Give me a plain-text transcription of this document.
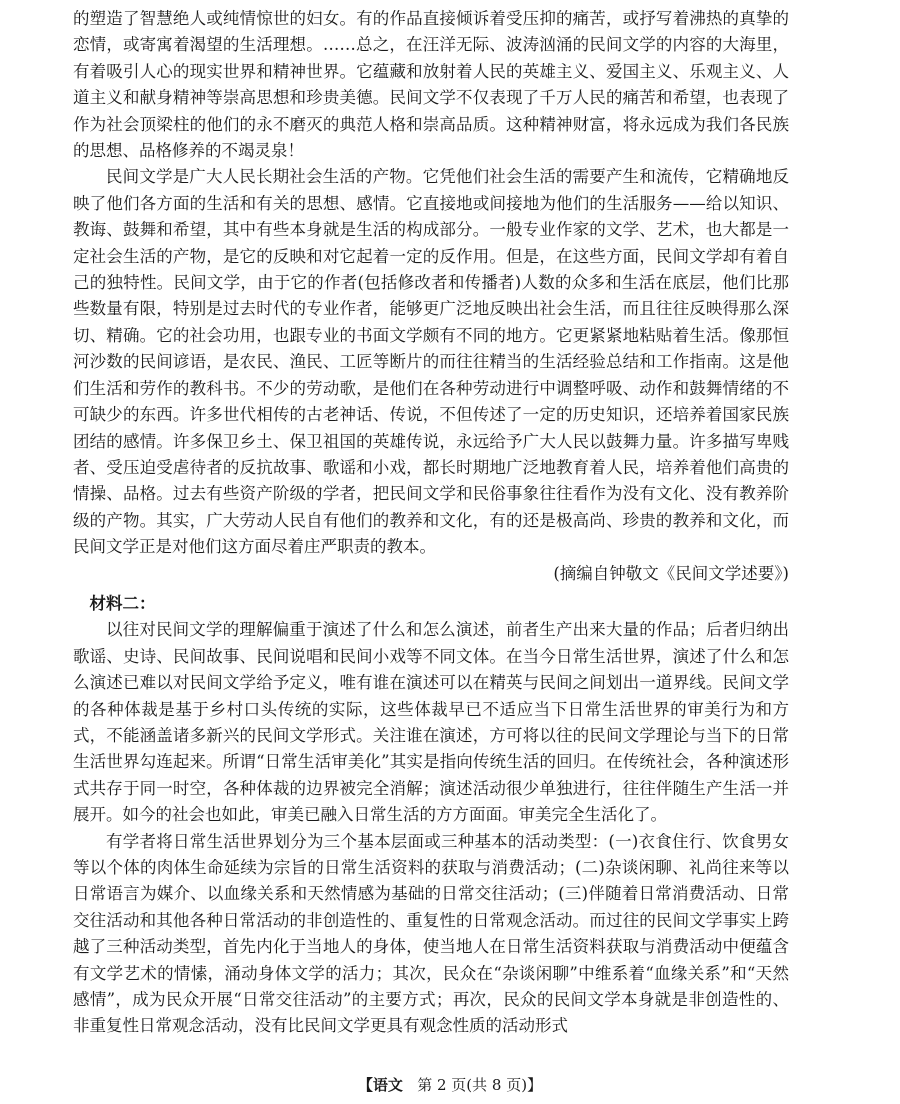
的塑造了智慧绝人或纯情惊世的妇女。有的作品直接倾诉着受压抑的痛苦，或抒写着沸热的真挚的恋情，或寄寓着渴望的生活理想。……总之，在汪洋无际、波涛汹涌的民间文学的内容的大海里，有着吸引人心的现实世界和精神世界。它蕴藏和放射着人民的英雄主义、爱国主义、乐观主义、人道主义和献身精神等崇高思想和珍贵美德。民间文学不仅表现了千万人民的痛苦和希望，也表现了作为社会顶梁柱的他们的永不磨灭的典范人格和崇高品质。这种精神财富，将永远成为我们各民族的思想、品格修养的不竭灵泉！

民间文学是广大人民长期社会生活的产物。它凭他们社会生活的需要产生和流传，它精确地反映了他们各方面的生活和有关的思想、感情。它直接地或间接地为他们的生活服务——给以知识、教诲、鼓舞和希望，其中有些本身就是生活的构成部分。一般专业作家的文学、艺术，也大都是一定社会生活的产物，是它的反映和对它起着一定的反作用。但是，在这些方面，民间文学却有着自己的独特性。民间文学，由于它的作者(包括修改者和传播者)人数的众多和生活在底层，他们比那些数量有限，特别是过去时代的专业作者，能够更广泛地反映出社会生活，而且往往反映得那么深切、精确。它的社会功用，也跟专业的书面文学颇有不同的地方。它更紧紧地粘贴着生活。像那恒河沙数的民间谚语，是农民、渔民、工匠等断片的而往往精当的生活经验总结和工作指南。这是他们生活和劳作的教科书。不少的劳动歌，是他们在各种劳动进行中调整呼吸、动作和鼓舞情绪的不可缺少的东西。许多世代相传的古老神话、传说，不但传述了一定的历史知识，还培养着国家民族团结的感情。许多保卫乡土、保卫祖国的英雄传说，永远给予广大人民以鼓舞力量。许多描写卑贱者、受压迫受虐待者的反抗故事、歌谣和小戏，都长时期地广泛地教育着人民，培养着他们高贵的情操、品格。过去有些资产阶级的学者，把民间文学和民俗事象往往看作为没有文化、没有教养阶级的产物。其实，广大劳动人民自有他们的教养和文化，有的还是极高尚、珍贵的教养和文化，而民间文学正是对他们这方面尽着庄严职责的教本。

(摘编自钟敬文《民间文学述要》)

材料二：

以往对民间文学的理解偏重于演述了什么和怎么演述，前者生产出来大量的作品；后者归纳出歌谣、史诗、民间故事、民间说唱和民间小戏等不同文体。在当今日常生活世界，演述了什么和怎么演述已难以对民间文学给予定义，唯有谁在演述可以在精英与民间之间划出一道界线。民间文学的各种体裁是基于乡村口头传统的实际，这些体裁早已不适应当下日常生活世界的审美行为和方式，不能涵盖诸多新兴的民间文学形式。关注谁在演述，方可将以往的民间文学理论与当下的日常生活世界勾连起来。所谓“日常生活审美化”其实是指向传统生活的回归。在传统社会，各种演述形式共存于同一时空，各种体裁的边界被完全消解；演述活动很少单独进行，往往伴随生产生活一并展开。如今的社会也如此，审美已融入日常生活的方方面面。审美完全生活化了。

有学者将日常生活世界划分为三个基本层面或三种基本的活动类型：(一)衣食住行、饮食男女等以个体的肉体生命延续为宗旨的日常生活资料的获取与消费活动；(二)杂谈闲聊、礼尚往来等以日常语言为媒介、以血缘关系和天然情感为基础的日常交往活动；(三)伴随着日常消费活动、日常交往活动和其他各种日常活动的非创造性的、重复性的日常观念活动。而过往的民间文学事实上跨越了三种活动类型，首先内化于当地人的身体，使当地人在日常生活资料获取与消费活动中便蕴含有文学艺术的情愫，涌动身体文学的活力；其次，民众在“杂谈闲聊”中维系着“血缘关系”和“天然感情”，成为民众开展“日常交往活动”的主要方式；再次，民众的民间文学本身就是非创造性的、非重复性日常观念活动，没有比民间文学更具有观念性质的活动形式

【语文 第 2 页(共 8 页)】
